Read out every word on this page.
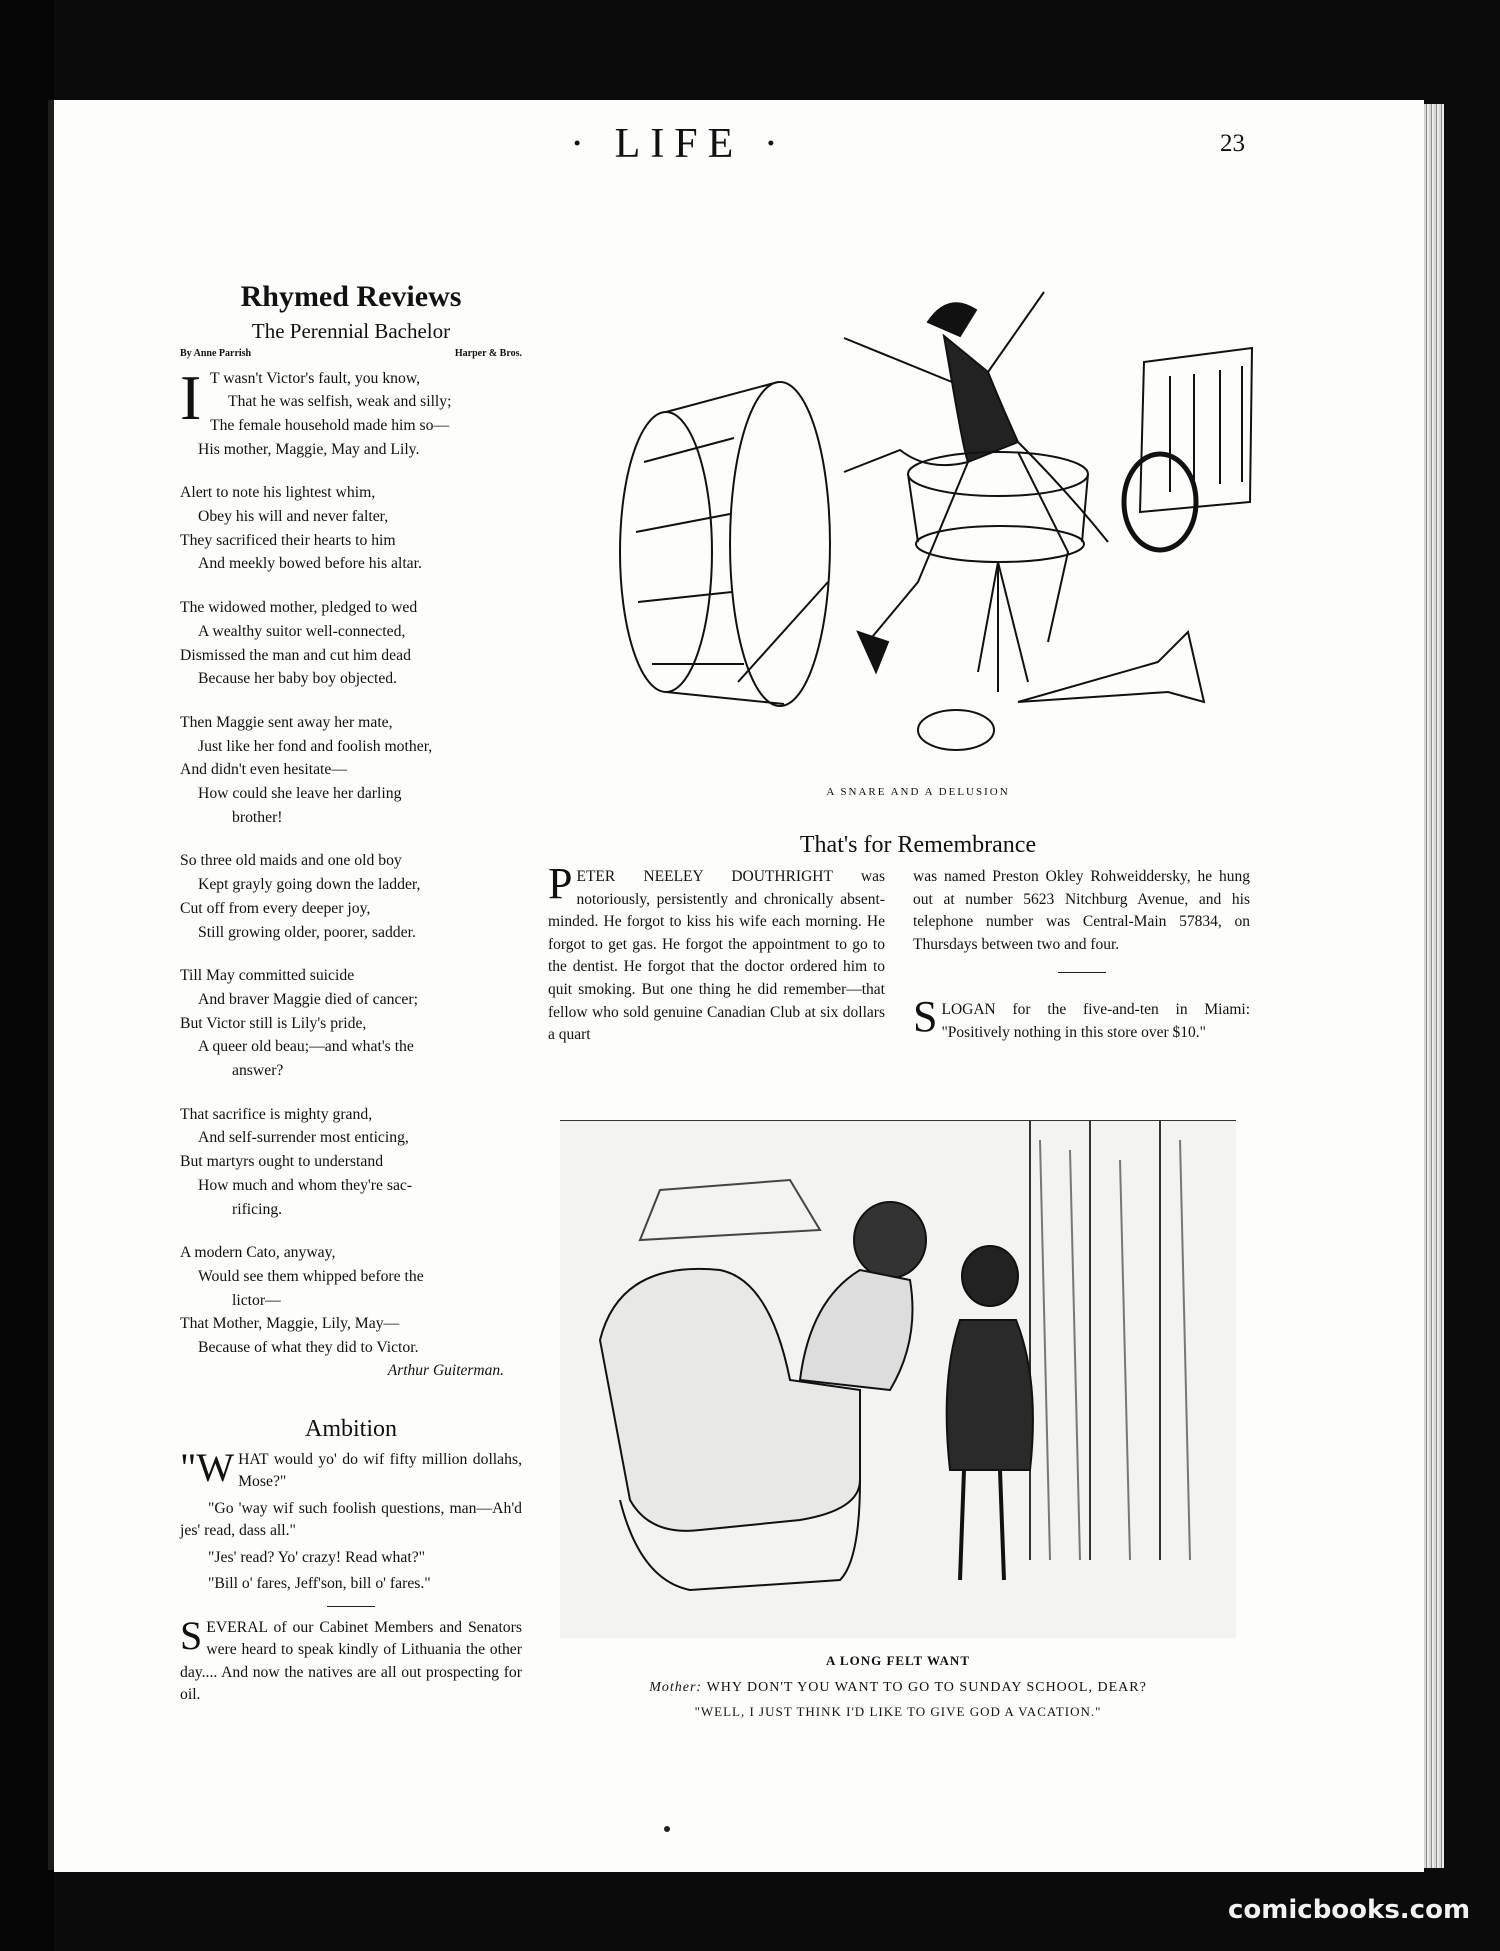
· LIFE ·	23
Rhymed Reviews
The Perennial Bachelor
By Anne Parrish	Harper & Bros.
I T wasn't Victor's fault, you know,
That he was selfish, weak and silly;
The female household made him so—
His mother, Maggie, May and Lily.
Alert to note his lightest whim,
Obey his will and never falter,
They sacrificed their hearts to him
And meekly bowed before his altar.
The widowed mother, pledged to wed
A wealthy suitor well-connected,
Dismissed the man and cut him dead
Because her baby boy objected.
Then Maggie sent away her mate,
Just like her fond and foolish mother,
And didn't even hesitate—
How could she leave her darling
brother!
So three old maids and one old boy
Kept grayly going down the ladder,
Cut off from every deeper joy,
Still growing older, poorer, sadder.
Till May committed suicide
And braver Maggie died of cancer;
But Victor still is Lily's pride,
A queer old beau;—and what's the
answer?
That sacrifice is mighty grand,
And self-surrender most enticing,
But martyrs ought to understand
How much and whom they're sac-
rificing.
A modern Cato, anyway,
Would see them whipped before the
lictor—
That Mother, Maggie, Lily, May—
Because of what they did to Victor.
Arthur Guiterman.
Ambition

"W HAT would yo' do wif fifty million dollahs, Mose?"

"Go 'way wif such foolish questions, man—Ah'd jes' read, dass all."

"Jes' read? Yo' crazy! Read what?"

"Bill o' fares, Jeff'son, bill o' fares."

SEVERAL of our Cabinet Members and Senators were heard to speak kindly of Lithuania the other day.... And now the natives are all out prospecting for oil.

A SNARE AND A DELUSION
That's for Remembrance

PETER NEELEY DOUTHRIGHT was notoriously, persistently and chronically absent-minded. He forgot to kiss his wife each morning. He forgot to get gas. He forgot the appointment to go to the dentist. He forgot that the doctor ordered him to quit smoking. But one thing he did remember—that fellow who sold genuine Canadian Club at six dollars a quart

was named Preston Okley Rohweiddersky, he hung out at number 5623 Nitchburg Avenue, and his telephone number was Central-Main 57834, on Thursdays between two and four.

SLOGAN for the five-and-ten in Miami: "Positively nothing in this store over $10."

A LONG FELT WANT
Mother: WHY DON'T YOU WANT TO GO TO SUNDAY SCHOOL, DEAR?
"WELL, I JUST THINK I'D LIKE TO GIVE GOD A VACATION."
comicbooks.com
